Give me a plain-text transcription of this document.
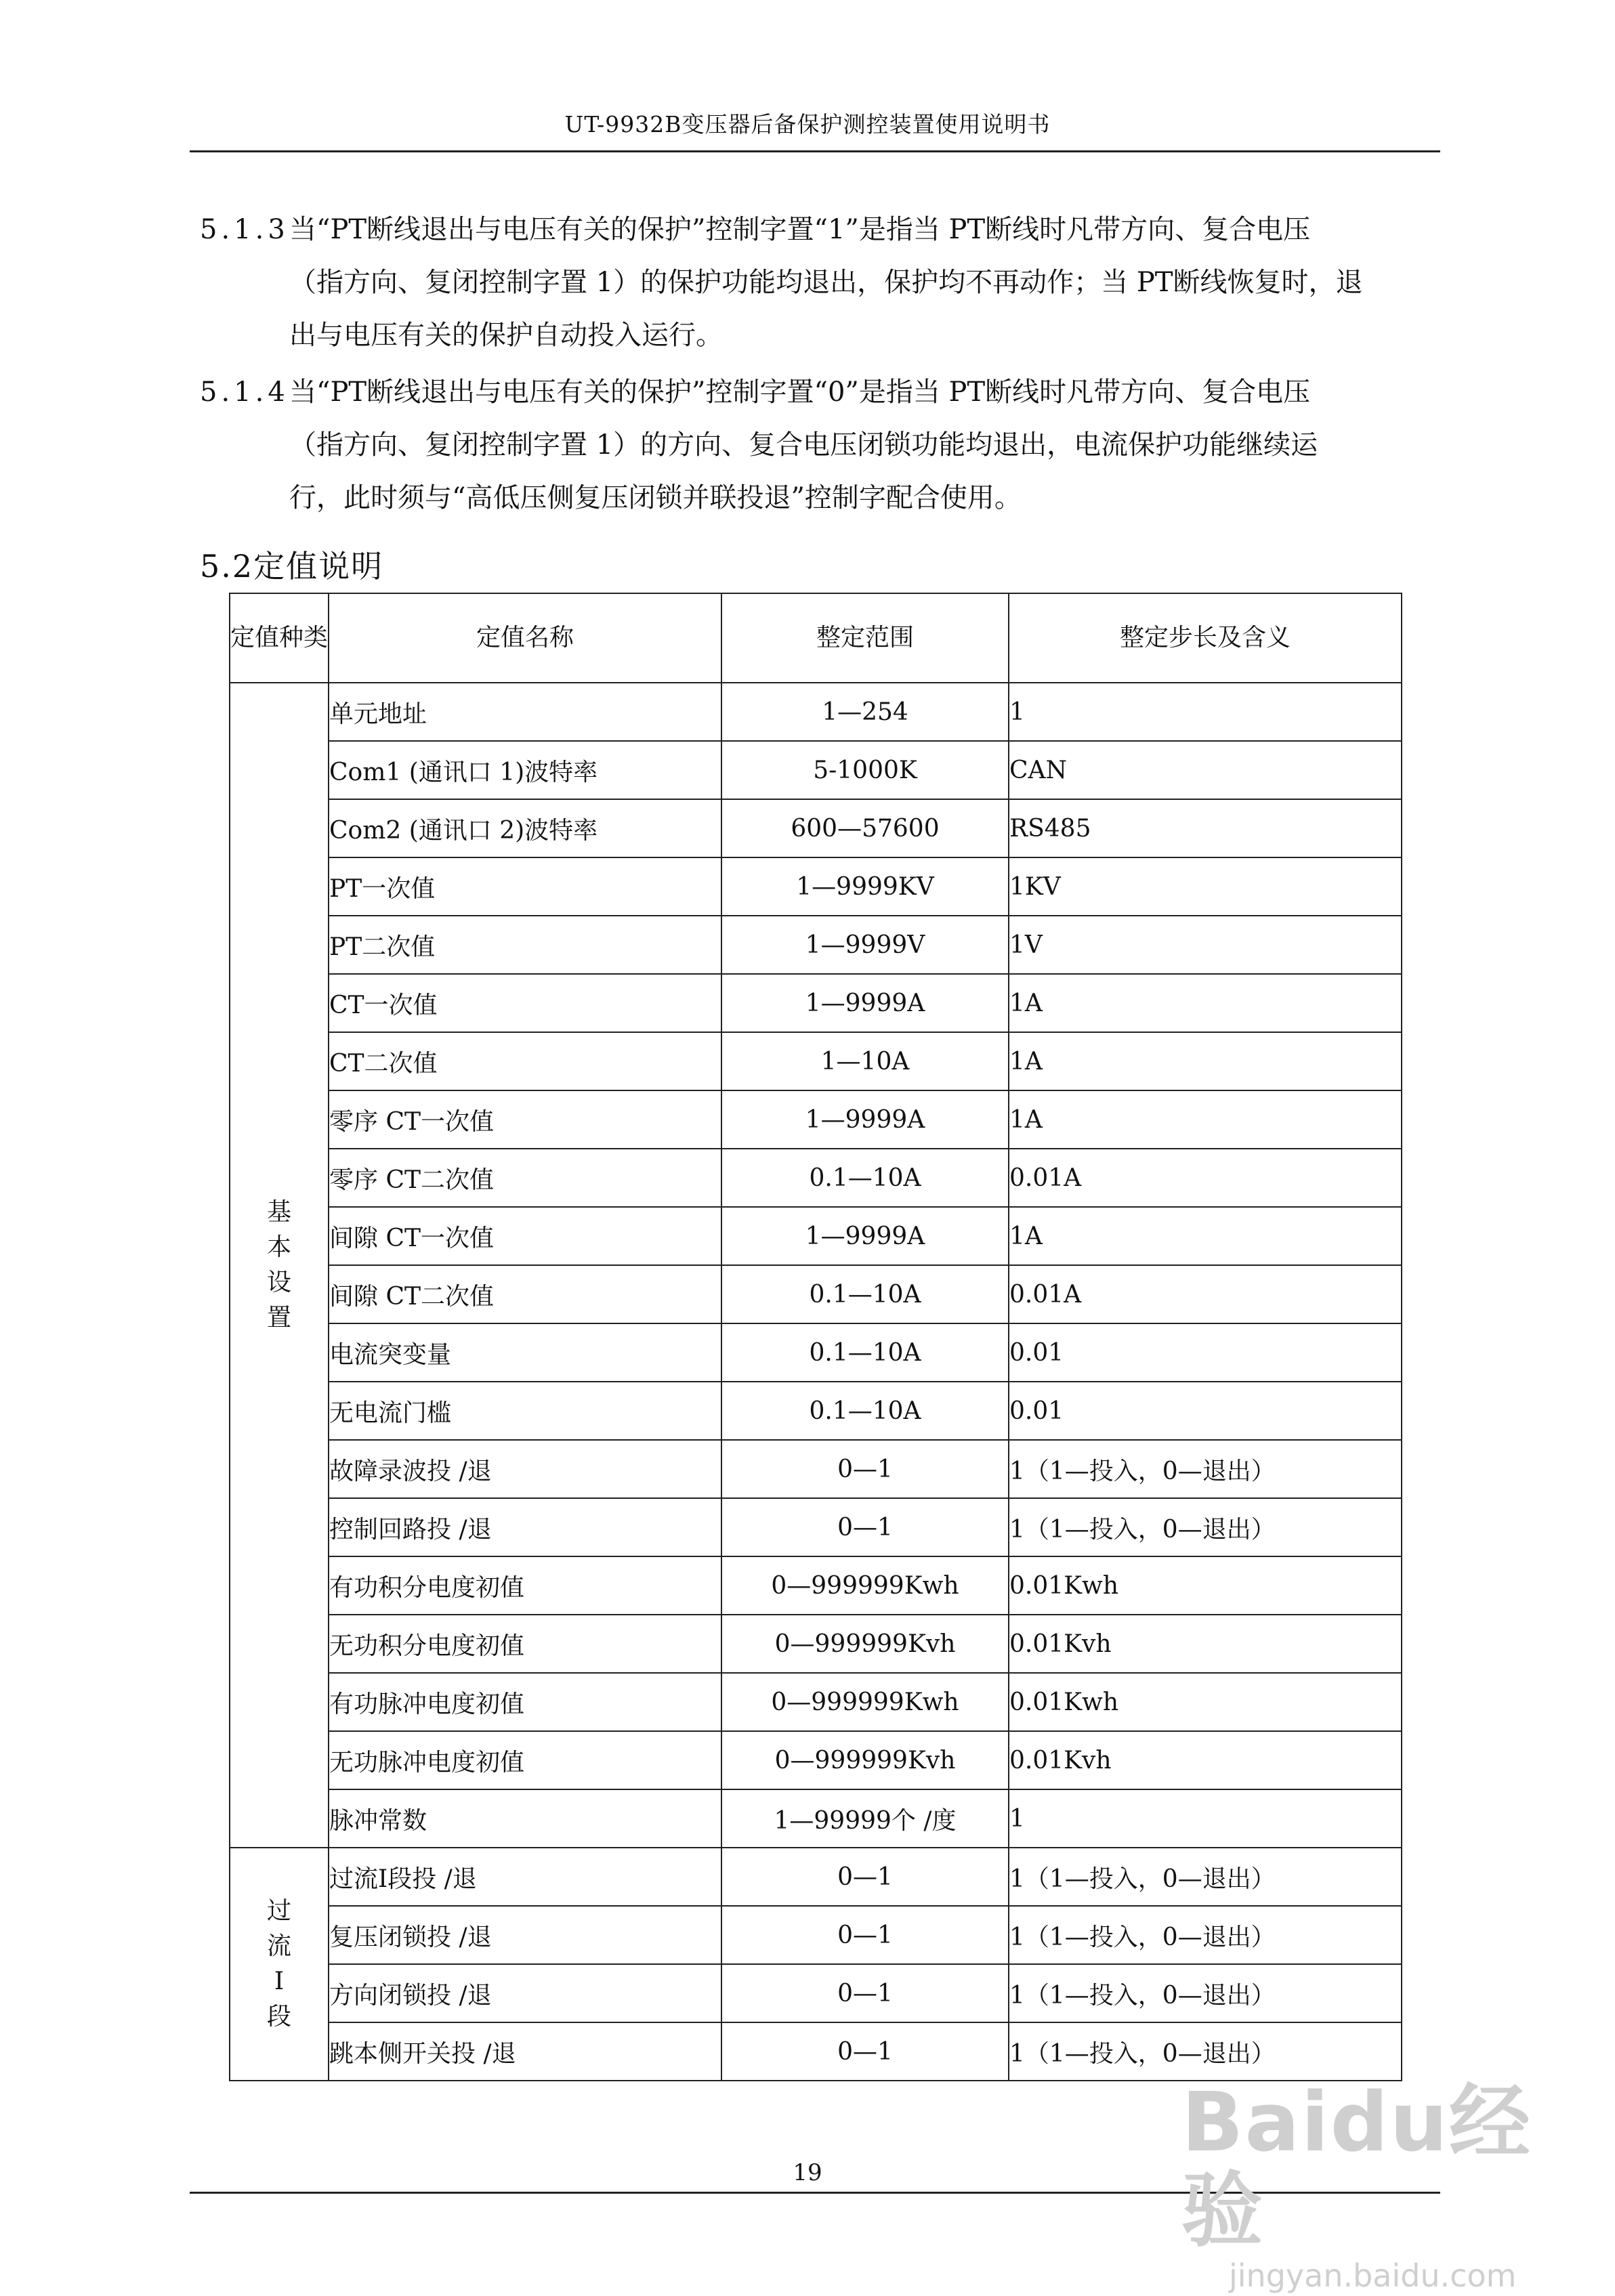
UT-9932B变压器后备保护测控装置使用说明书
5.1.3 当“PT断线退出与电压有关的保护”控制字置“1”是指当 PT断线时凡带方向、复合电压
（指方向、复闭控制字置 1）的保护功能均退出，保护均不再动作；当 PT断线恢复时，退
出与电压有关的保护自动投入运行。
5.1.4 当“PT断线退出与电压有关的保护”控制字置“0”是指当 PT断线时凡带方向、复合电压
（指方向、复闭控制字置 1）的方向、复合电压闭锁功能均退出，电流保护功能继续运
行，此时须与“高低压侧复压闭锁并联投退”控制字配合使用。
5.2定值说明
定值种类	定值名称	整定范围	整定步长及含义
基本设置	单元地址	1—254	1
	Com1 (通讯口 1)波特率	5-1000K	CAN
	Com2 (通讯口 2)波特率	600—57600	RS485
	PT一次值	1—9999KV	1KV
	PT二次值	1—9999V	1V
	CT一次值	1—9999A	1A
	CT二次值	1—10A	1A
	零序 CT一次值	1—9999A	1A
	零序 CT二次值	0.1—10A	0.01A
	间隙 CT一次值	1—9999A	1A
	间隙 CT二次值	0.1—10A	0.01A
	电流突变量	0.1—10A	0.01
	无电流门槛	0.1—10A	0.01
	故障录波投 /退	0—1	1（1—投入，0—退出）
	控制回路投 /退	0—1	1（1—投入，0—退出）
	有功积分电度初值	0—999999Kwh	0.01Kwh
	无功积分电度初值	0—999999Kvh	0.01Kvh
	有功脉冲电度初值	0—999999Kwh	0.01Kwh
	无功脉冲电度初值	0—999999Kvh	0.01Kvh
	脉冲常数	1—99999个 /度	1
过流I段	过流Ⅰ段投 /退	0—1	1（1—投入，0—退出）
	复压闭锁投 /退	0—1	1（1—投入，0—退出）
	方向闭锁投 /退	0—1	1（1—投入，0—退出）
	跳本侧开关投 /退	0—1	1（1—投入，0—退出）
19
Baidu经验
jingyan.baidu.com
